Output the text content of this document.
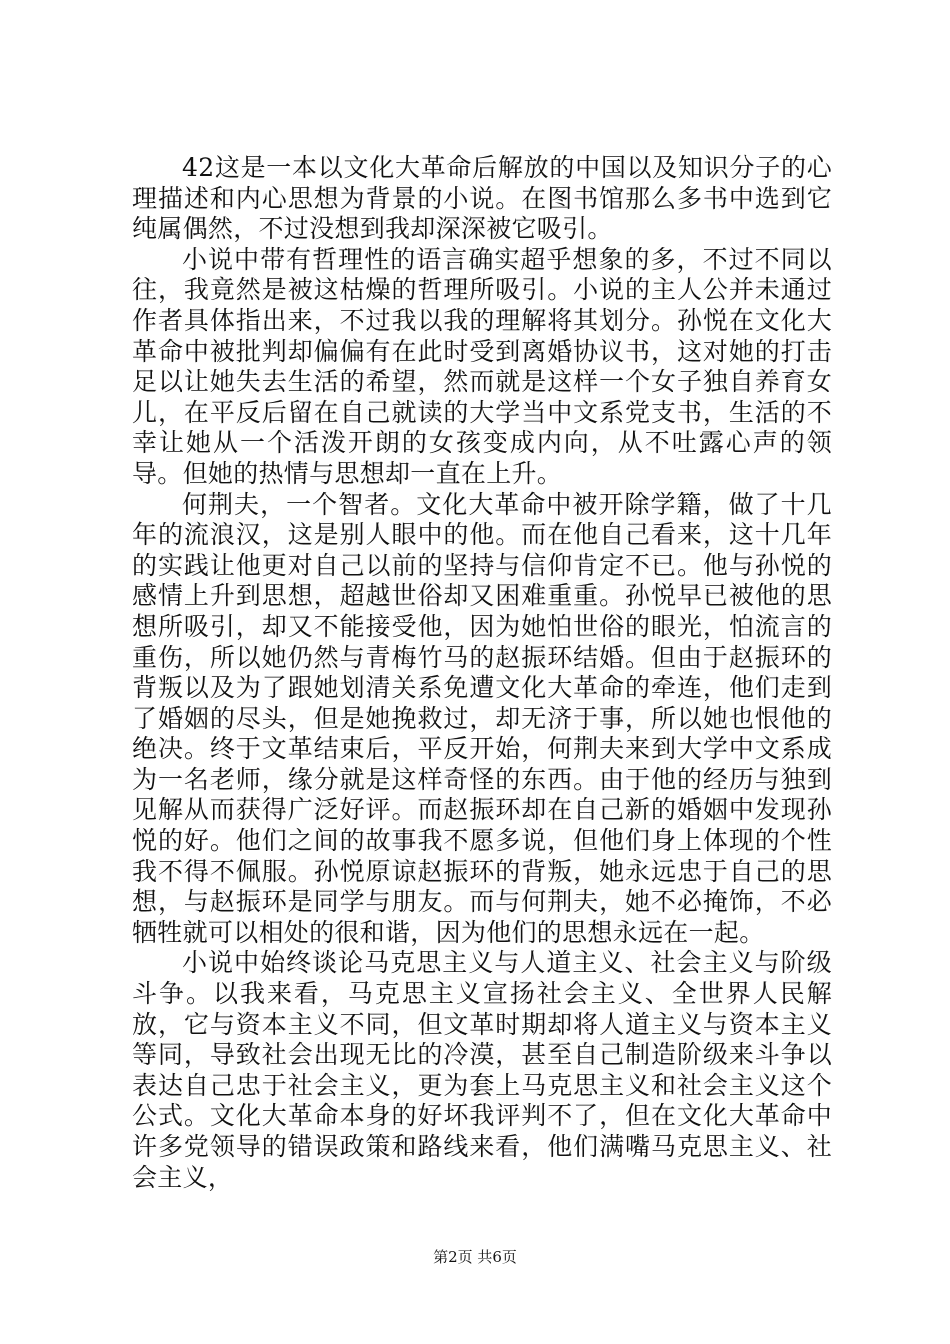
42这是一本以文化大革命后解放的中国以及知识分子的心理描述和内心思想为背景的小说。在图书馆那么多书中选到它纯属偶然，不过没想到我却深深被它吸引。

小说中带有哲理性的语言确实超乎想象的多，不过不同以往，我竟然是被这枯燥的哲理所吸引。小说的主人公并未通过作者具体指出来，不过我以我的理解将其划分。孙悦在文化大革命中被批判却偏偏有在此时受到离婚协议书，这对她的打击足以让她失去生活的希望，然而就是这样一个女子独自养育女儿，在平反后留在自己就读的大学当中文系党支书，生活的不幸让她从一个活泼开朗的女孩变成内向，从不吐露心声的领导。但她的热情与思想却一直在上升。

何荆夫，一个智者。文化大革命中被开除学籍，做了十几年的流浪汉，这是别人眼中的他。而在他自己看来，这十几年的实践让他更对自己以前的坚持与信仰肯定不已。他与孙悦的感情上升到思想，超越世俗却又困难重重。孙悦早已被他的思想所吸引，却又不能接受他，因为她怕世俗的眼光，怕流言的重伤，所以她仍然与青梅竹马的赵振环结婚。但由于赵振环的背叛以及为了跟她划清关系免遭文化大革命的牵连，他们走到了婚姻的尽头，但是她挽救过，却无济于事，所以她也恨他的绝决。终于文革结束后，平反开始，何荆夫来到大学中文系成为一名老师，缘分就是这样奇怪的东西。由于他的经历与独到见解从而获得广泛好评。而赵振环却在自己新的婚姻中发现孙悦的好。他们之间的故事我不愿多说，但他们身上体现的个性我不得不佩服。孙悦原谅赵振环的背叛，她永远忠于自己的思想，与赵振环是同学与朋友。而与何荆夫，她不必掩饰，不必牺牲就可以相处的很和谐，因为他们的思想永远在一起。

小说中始终谈论马克思主义与人道主义、社会主义与阶级斗争。以我来看，马克思主义宣扬社会主义、全世界人民解放，它与资本主义不同，但文革时期却将人道主义与资本主义等同，导致社会出现无比的冷漠，甚至自己制造阶级来斗争以表达自己忠于社会主义，更为套上马克思主义和社会主义这个公式。文化大革命本身的好坏我评判不了，但在文化大革命中许多党领导的错误政策和路线来看，他们满嘴马克思主义、社会主义，

第2页 共6页
